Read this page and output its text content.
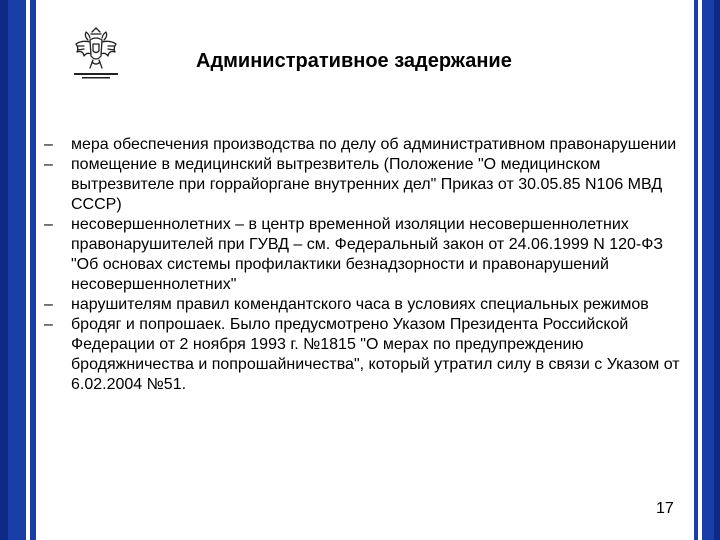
Административное задержание
– мера обеспечения производства по делу об административном правонарушении
– помещение в медицинский вытрезвитель (Положение "О медицинском вытрезвителе при горрайоргане внутренних дел" Приказ от 30.05.85 N106 МВД СССР)
– несовершеннолетних – в центр временной изоляции несовершеннолетних правонарушителей при ГУВД – см. Федеральный закон от 24.06.1999 N 120-ФЗ "Об основах системы профилактики безнадзорности и правонарушений несовершеннолетних"
– нарушителям правил комендантского часа в условиях специальных режимов
– бродяг и попрошаек. Было предусмотрено Указом Президента Российской Федерации от 2 ноября 1993 г. №1815 "О мерах по предупреждению бродяжничества и попрошайничества", который утратил силу в связи с Указом от 6.02.2004 №51.
17
